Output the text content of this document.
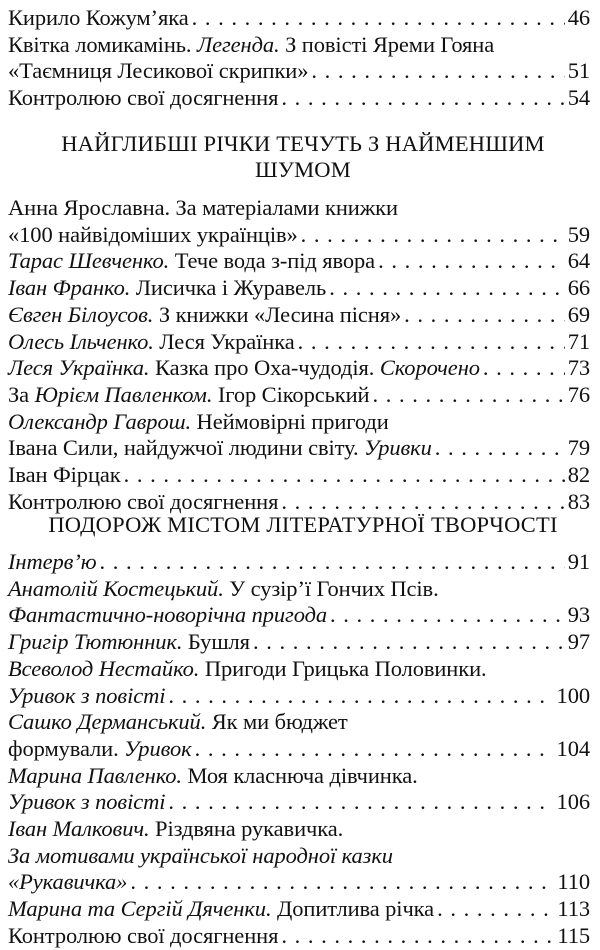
Кирило Кожум’яка . . .	46
Квітка ломикамінь. Легенда. З повісті Яреми Гояна
«Таємниця Лесикової скрипки» . . .	51
Контролюю свої досягнення . . .	54
НАЙГЛИБШІ РІЧКИ ТЕЧУТЬ З НАЙМЕНШИМ
ШУМОМ
Анна Ярославна. За матеріалами книжки
«100 найвідоміших українців» . . .	59
Тарас Шевченко. Тече вода з-під явора . . .	64
Іван Франко. Лисичка і Журавель . . .	66
Євген Білоусов. З книжки «Лесина пісня» . . .	69
Олесь Ільченко. Леся Українка . . .	71
Леся Українка. Казка про Оха-чудодія. Скорочено . . .	73
За Юрієм Павленком. Ігор Сікорський . . .	76
Олександр Гаврош. Неймовірні пригоди
Івана Сили, найдужчої людини світу. Уривки . . .	79
Іван Фірцак . . .	82
Контролюю свої досягнення . . .	83
ПОДОРОЖ МІСТОМ ЛІТЕРАТУРНОЇ ТВОРЧОСТІ
Інтерв’ю . . .	91
Анатолій Костецький. У сузір’ї Гончих Псів.
Фантастично-новорічна пригода . . .	93
Григір Тютюнник. Бушля . . .	97
Всеволод Нестайко. Пригоди Грицька Половинки.
Уривок з повісті . . .	100
Сашко Дерманський. Як ми бюджет
формували. Уривок . . .	104
Марина Павленко. Моя класнюча дівчинка.
Уривок з повісті . . .	106
Іван Малкович. Різдвяна рукавичка.
За мотивами української народної казки
«Рукавичка» . . .	110
Марина та Сергій Дяченки. Допитлива річка . . .	113
Контролюю свої досягнення . . .	115
